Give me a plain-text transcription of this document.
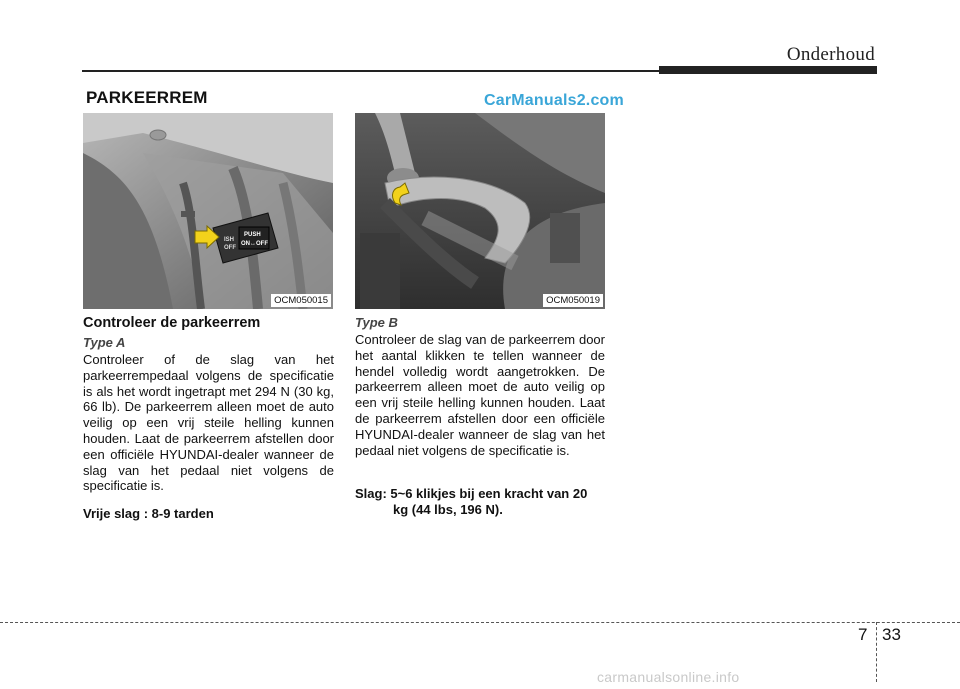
Onderhoud
PARKEERREM	CarManuals2.com
ISH
OFF
PUSH
ON↔OFF
OCM050015	OCM050019
Controleer de parkeerrem
Type A
Controleer of de slag van het parkeerrempedaal volgens de specificatie is als het wordt ingetrapt met 294 N (30 kg, 66 lb). De parkeerrem alleen moet de auto veilig op een vrij steile helling kunnen houden. Laat de parkeerrem afstellen door een officiële HYUNDAI-dealer wanneer de slag van het pedaal niet volgens de specificatie is.
Vrije slag : 8-9 tarden
Type B
Controleer de slag van de parkeerrem door het aantal klikken te tellen wanneer de hendel volledig wordt aangetrokken. De parkeerrem alleen moet de auto veilig op een vrij steile helling kunnen houden. Laat de parkeerrem afstellen door een officiële HYUNDAI-dealer wanneer de slag van het pedaal niet volgens de specificatie is.
Slag: 5~6 klikjes bij een kracht van 20
kg (44 lbs, 196 N).
7 33
carmanualsonline.info
